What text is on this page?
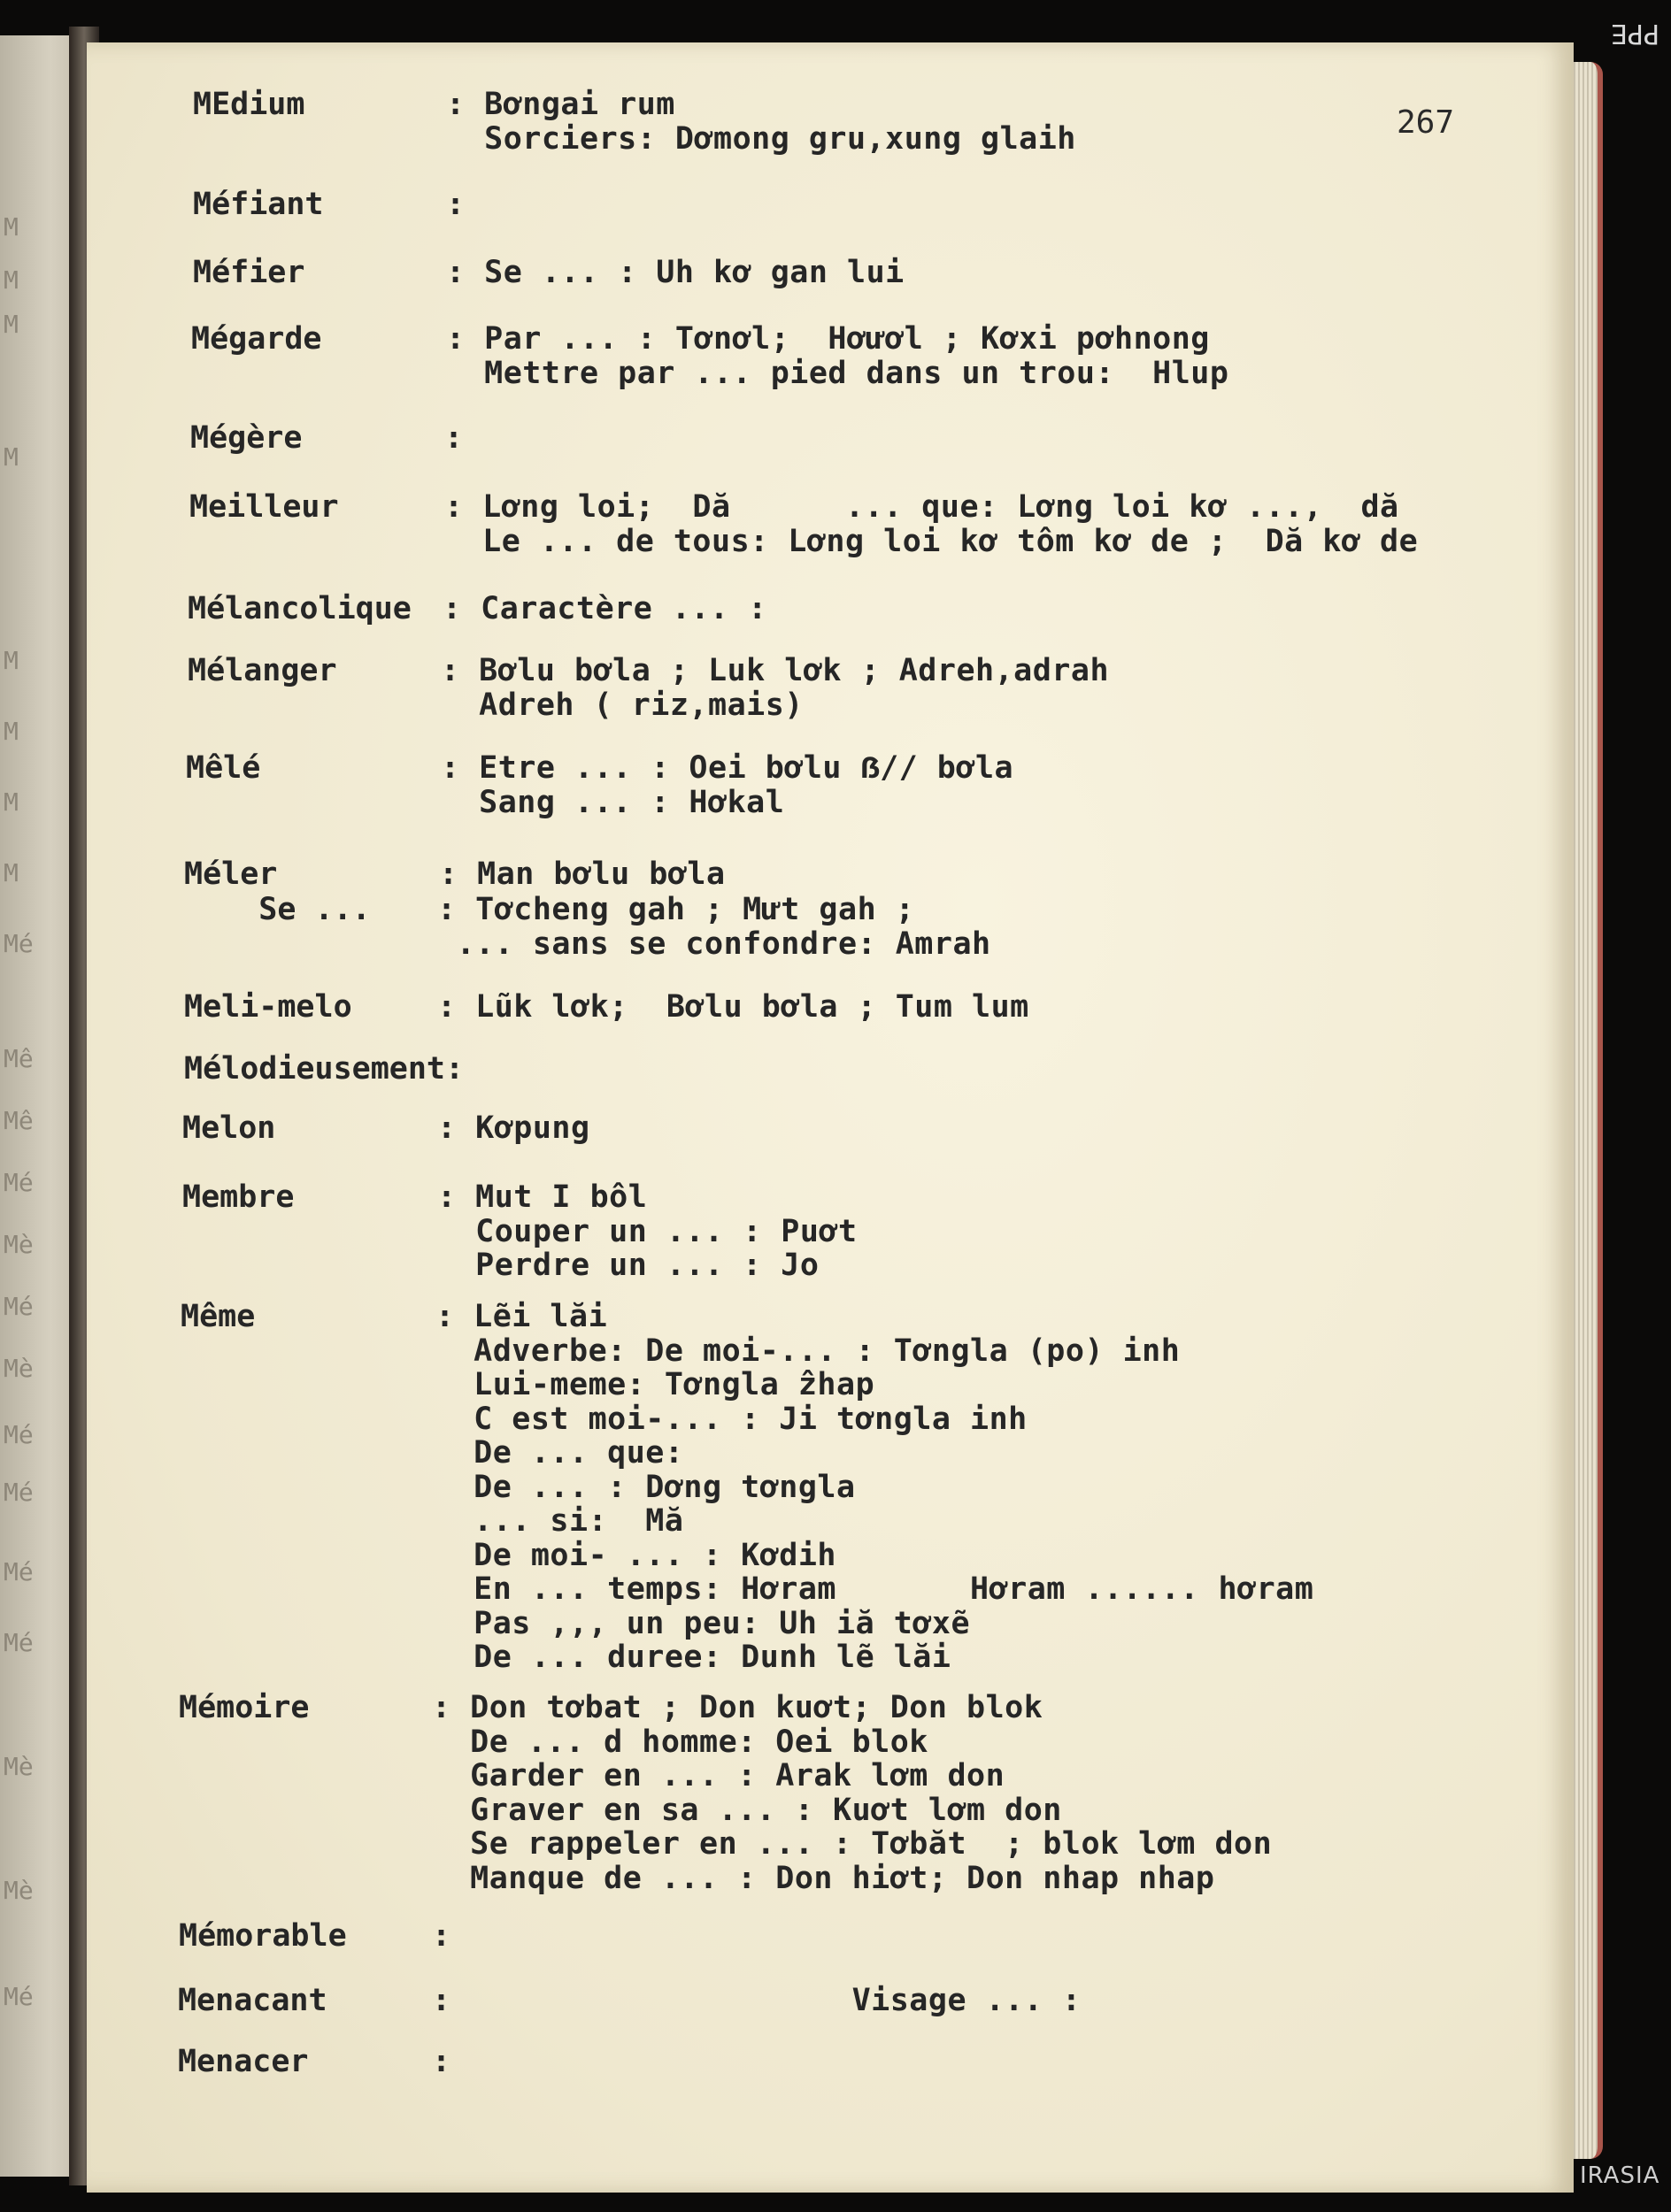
M
M
M
M
M
M
M
M
Mé
Mê
Mê
Mé
Mè
Mé
Mè
Mé
Mé
Mé
Mé
Mè
Mè
Mé
267
MEdium	: Bơngai rum
Sorciers: Dơmong gru,xung glaih
Méfiant	:
Méfier	: Se ... : Uh kơ gan lui
Mégarde	: Par ... : Tơnơl;  Hơươl ; Kơxi pơhnong
Mettre par ... pied dans un trou:  Hlup
Mégère	:
Meilleur	: Lơng loi;  Dă      ... que: Lơng loi kơ ...,  dă
Le ... de tous: Lơng loi kơ tôm kơ de ;  Dă kơ de
Mélancolique : Caractère ... :
Mélanger	: Bơlu bơla ; Luk lơk ; Adreh,adrah
Adreh ( riz,mais)
Mêlé	: Etre ... : Oei bơlu ẞ// bơla
Sang ... : Hơkal
Méler	: Man bơlu bơla
Se ... : Tơcheng gah ; Mưt gah ;
... sans se confondre: Amrah
Meli-melo	: Lũk lơk;  Bơlu bơla ; Tum lum
Mélodieusement:
Melon	: Kơpung
Membre	: Mut I bôl
Couper un ... : Puơt
Perdre un ... : Jo
Même	: Lẽi lăi
Adverbe: De moi-... : Tơngla (po) inh
Lui-meme: Tơngla ẑhap
C est moi-... : Ji tơngla inh
De ... que:
De ... : Dơng tơngla
... si:  Mă
De moi- ... : Kơdih
En ... temps: Hơram       Hơram ...... hơram
Pas ,,, un peu: Uh iă tơxẽ
De ... duree: Dunh lẽ lăi
Mémoire	: Don tơbat ; Don kuơt; Don blok
De ... d homme: Oei blok
Garder en ... : Arak lơm don
Graver en sa ... : Kuơt lơm don
Se rappeler en ... : Tơbăt  ; blok lơm don
Manque de ... : Don hiơt; Don nhap nhap
Mémorable	:
Menacant	:                     Visage ... :
Menacer	:
PPE
IRASIA
